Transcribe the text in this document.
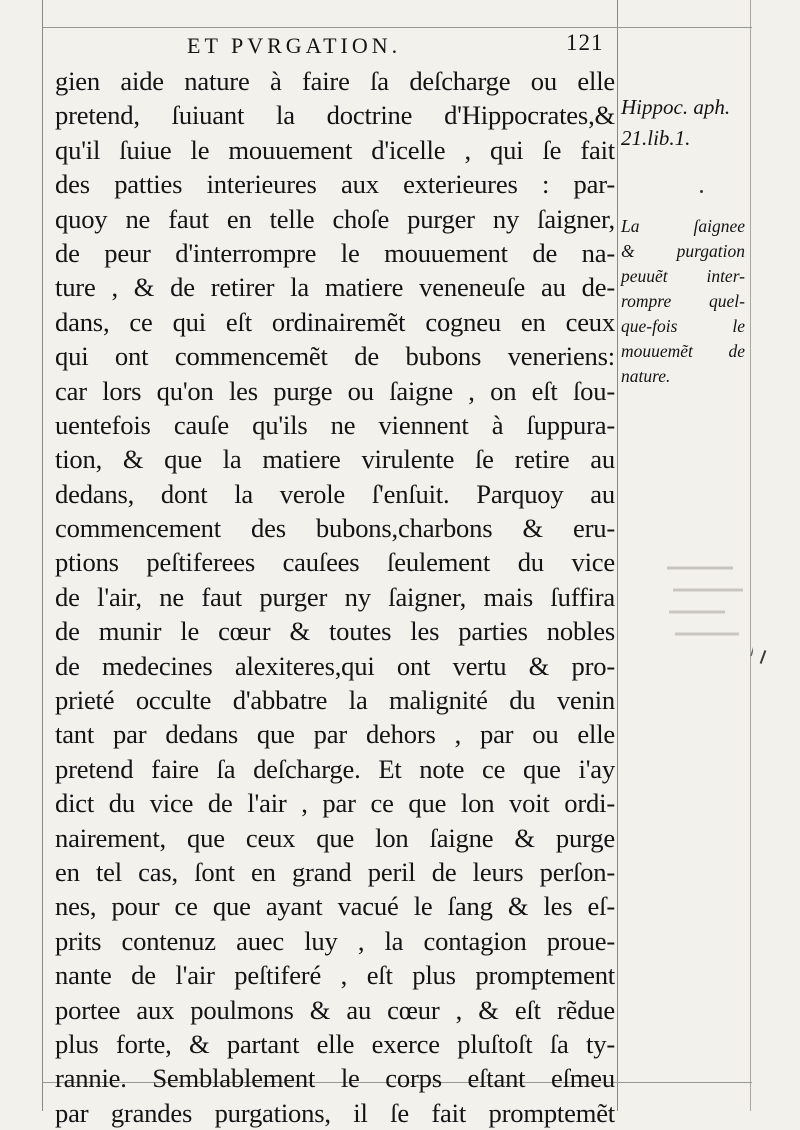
ET PVRGATION.	121
gien aide nature à faire ſa deſcharge ou elle
pretend, ſuiuant la doctrine d'Hippocrates,&
qu'il ſuiue le mouuement d'icelle , qui ſe fait
des patties interieures aux exterieures : par-
quoy ne faut en telle choſe purger ny ſaigner,
de peur d'interrompre le mouuement de na-
ture , & de retirer la matiere veneneuſe au de-
dans, ce qui eſt ordinairemẽt cogneu en ceux
qui ont commencemẽt de bubons veneriens:
car lors qu'on les purge ou ſaigne , on eſt ſou-
uentefois cauſe qu'ils ne viennent à ſuppura-
tion, & que la matiere virulente ſe retire au
dedans, dont la verole ſ'enſuit. Parquoy au
commencement des bubons,charbons & eru-
ptions peſtiferees cauſees ſeulement du vice
de l'air, ne faut purger ny ſaigner, mais ſuffira
de munir le cœur & toutes les parties nobles
de medecines alexiteres,qui ont vertu & pro-
prieté occulte d'abbatre la malignité du venin
tant par dedans que par dehors , par ou elle
pretend faire ſa deſcharge. Et note ce que i'ay
dict du vice de l'air , par ce que lon voit ordi-
nairement, que ceux que lon ſaigne & purge
en tel cas, ſont en grand peril de leurs perſon-
nes, pour ce que ayant vacué le ſang & les eſ-
prits contenuz auec luy , la contagion proue-
nante de l'air peſtiferé , eſt plus promptement
portee aux poulmons & au cœur , & eſt rẽdue
plus forte, & partant elle exerce pluſtoſt ſa ty-
rannie. Semblablement le corps eſtant eſmeu
par grandes purgations, il ſe fait promptemẽt
Hippoc. aph.
21.lib.1.
La ſaignee
& purgation
peuuẽt inter-
rompre quel-
que-fois le
mouuemẽt de
nature.
